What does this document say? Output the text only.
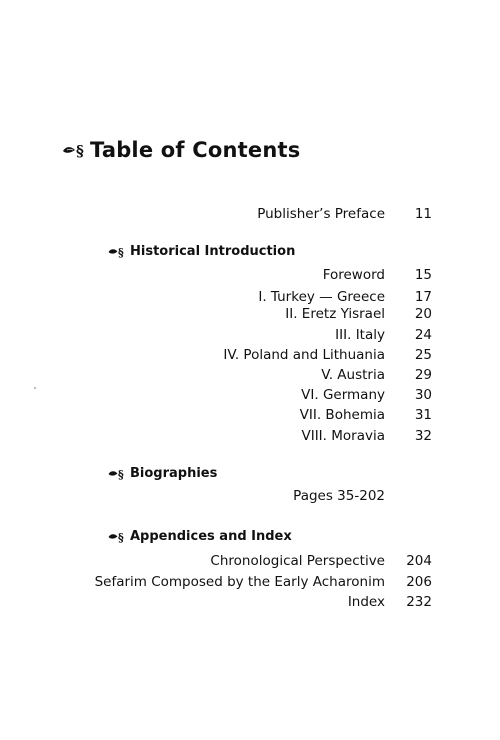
§ Table of Contents
Publisher’s Preface 11
§ Historical Introduction
Foreword 15
I. Turkey — Greece 17
II. Eretz Yisrael 20
III. Italy 24
IV. Poland and Lithuania 25
V. Austria 29
VI. Germany 30
VII. Bohemia 31
VIII. Moravia 32
§ Biographies
Pages 35-202
§ Appendices and Index
Chronological Perspective 204
Sefarim Composed by the Early Acharonim 206
Index 232
